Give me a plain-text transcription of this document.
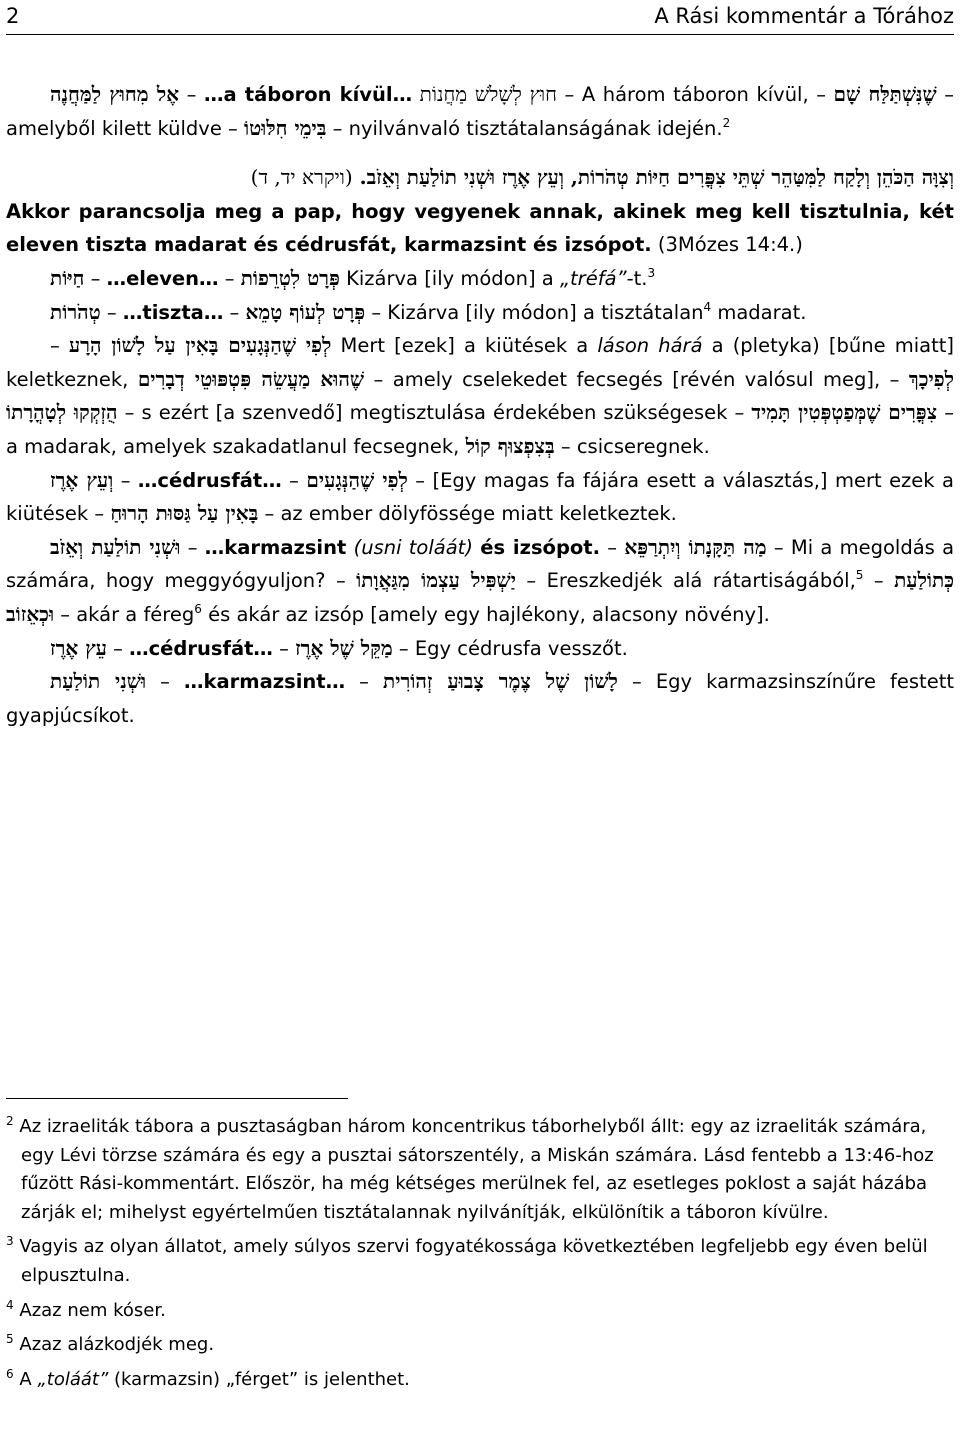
2	A Rási kommentár a Tórához

אֶל מִחוּץ לַמַּחֲנֶה – …a táboron kívül… חוּץ לְשָׁלֹשׁ מַחֲנוֹת – A három táboron kívül, – שֶׁנִּשְׁתַּלַּח שָׁם – amelyből kilett küldve – בִּימֵי חִלּוּטוֹ – nyilvánvaló tisztátalanságának idején.$^2$

וְצִוָּה הַכֹּהֵן וְלָקַח לַמִּטַּהֵר שְׁתֵּי צִפֳּרִים חַיּוֹת טְהֹרוֹת, וְעֵץ אֶרֶז וּשְׁנִי תוֹלַעַת וְאֵזֹב. (ויקרא יד, ד)

Akkor parancsolja meg a pap, hogy vegyenek annak, akinek meg kell tisztulnia, két eleven tiszta madarat és cédrusfát, karmazsint és izsópot. (3Mózes 14:4.)

חַיּוֹת – …eleven… – פְּרָט לִטְרֵפוֹת Kizárva [ily módon] a „tréfá”-t.$^3$

טְהֹרוֹת – …tiszta… – פְּרָט לְעוֹף טָמֵא – Kizárva [ily módon] a tisztátalan$^4$ madarat.

– לְפִי שֶׁהַנְּגָעִים בָּאִין עַל לָשׁוֹן הָרָע Mert [ezek] a kiütések a láson hárá a (pletyka) [bűne miatt] keletkeznek, שֶׁהוּא מַעֲשֵׂה פִּטְפּוּטֵי דְבָרִים – amely cselekedet fecsegés [révén valósul meg], – לְפִיכָךְ הֻזְקְקוּ לְטָהֳרָתוֹ – s ezért [a szenvedő] megtisztulása érdekében szükségesek – צִפֳּרִים שֶׁמְּפַטְפְּטִין תָּמִיד – a madarak, amelyek szakadatlanul fecsegnek, בְּצִפְצוּף קוֹל – csicseregnek.

וְעֵץ אֶרֶז – …cédrusfát… – לְפִי שֶׁהַנְּגָעִים – [Egy magas fa fájára esett a választás,] mert ezek a kiütések – בָּאִין עַל גַּסּוּת הָרוּחַ – az ember dölyfössége miatt keletkeztek.

וּשְׁנִי תוֹלַעַת וְאֵזֹב – …karmazsint (usni toláát) és izsópot. – מַה תַּקָּנָתוֹ וְיִתְרַפֵּא – Mi a megoldás a számára, hogy meggyógyuljon? – יַשְׁפִּיל עַצְמוֹ מִגַּאֲוָתוֹ – Ereszkedjék alá rátartiságából,$^5$ – כְּתוֹלַעַת וּכְאֵזוֹב – akár a féreg$^6$ és akár az izsóp [amely egy hajlékony, alacsony növény].

עֵץ אֶרֶז – …cédrusfát… – מַקֵּל שֶׁל אֶרֶז – Egy cédrusfa vesszőt.

וּשְׁנִי תוֹלַעַת – …karmazsint… – לָשׁוֹן שֶׁל צֶמֶר צָבוּעַ זְהוֹרִית – Egy karmazsinszínűre festett gyapjúcsíkot.

$^2$ Az izraeliták tábora a pusztaságban három koncentrikus táborhelyből állt: egy az izraeliták számára, egy Lévi törzse számára és egy a pusztai sátorszentély, a Miskán számára. Lásd fentebb a 13:46-hoz fűzött Rási-kommentárt. Először, ha még kétséges merülnek fel, az esetleges poklost a saját házába zárják el; mihelyst egyértelműen tisztátalannak nyilvánítják, elkülönítik a táboron kívülre.

$^3$ Vagyis az olyan állatot, amely súlyos szervi fogyatékossága következtében legfeljebb egy éven belül elpusztulna.

$^4$ Azaz nem kóser.

$^5$ Azaz alázkodjék meg.

$^6$ A „toláát” (karmazsin) „férget” is jelenthet.
